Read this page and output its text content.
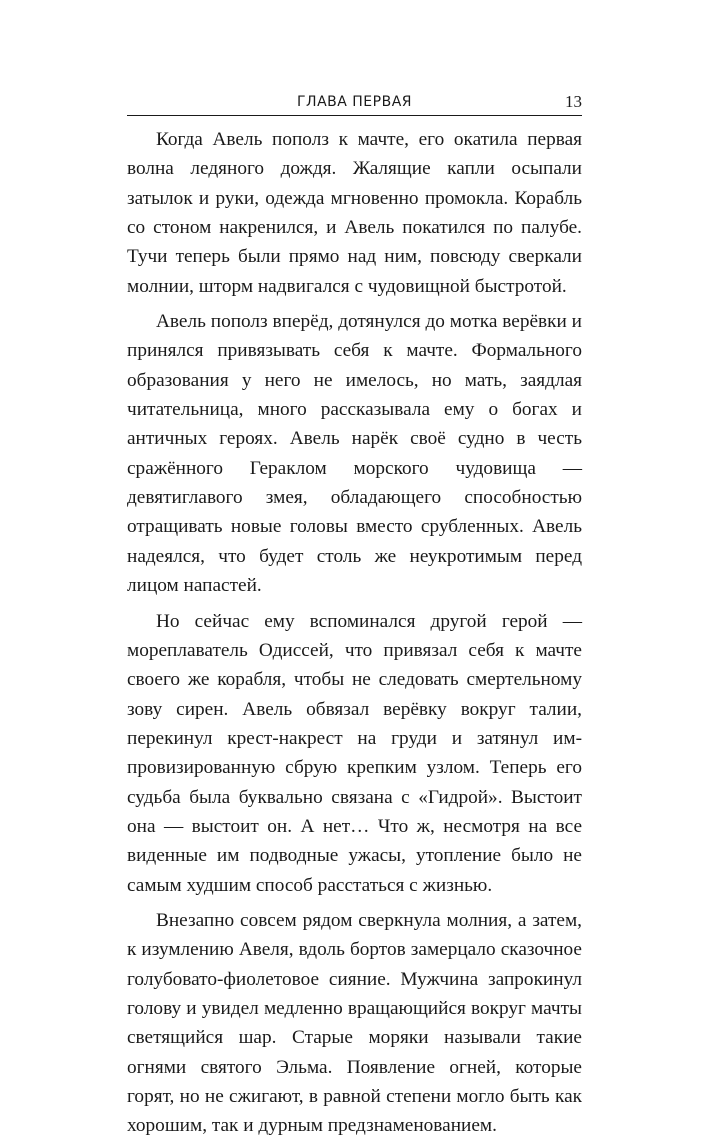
ГЛАВА ПЕРВАЯ	13

Когда Авель пополз к мачте, его окатила первая волна ледяного дождя. Жалящие капли осыпали затылок и руки, одежда мгновенно промокла. Корабль со стоном накренился, и Авель покатился по палубе. Тучи теперь были прямо над ним, повсюду сверкали молнии, шторм надвигался с чудовищной быстротой.

Авель пополз вперёд, дотянулся до мотка верёвки и принялся привязывать себя к мачте. Формального образования у него не имелось, но мать, заядлая читательница, много рассказывала ему о богах и античных героях. Авель нарёк своё судно в честь сражённого Гераклом морского чудовища — девятиглавого змея, обладающего способностью отращивать новые головы вместо срубленных. Авель надеялся, что будет столь же неукротимым перед лицом напастей.

Но сейчас ему вспоминался другой герой — мореплаватель Одиссей, что привязал себя к мачте своего же корабля, чтобы не следовать смертельному зову сирен. Авель обвязал верёвку вокруг талии, перекинул крест-накрест на груди и затянул импровизированную сбрую крепким узлом. Теперь его судьба была буквально связана с «Гидрой». Выстоит она — выстоит он. А нет… Что ж, несмотря на все виденные им подводные ужасы, утопление было не самым худшим способ расстаться с жизнью.

Внезапно совсем рядом сверкнула молния, а затем, к изумлению Авеля, вдоль бортов замерцало сказочное голубовато-фиолетовое сияние. Мужчина запрокинул голову и увидел медленно вращающийся вокруг мачты светящийся шар. Старые моряки называли такие огнями святого Эльма. Появление огней, которые горят, но не сжигают, в равной степени могло быть как хорошим, так и дурным предзнаменованием.
